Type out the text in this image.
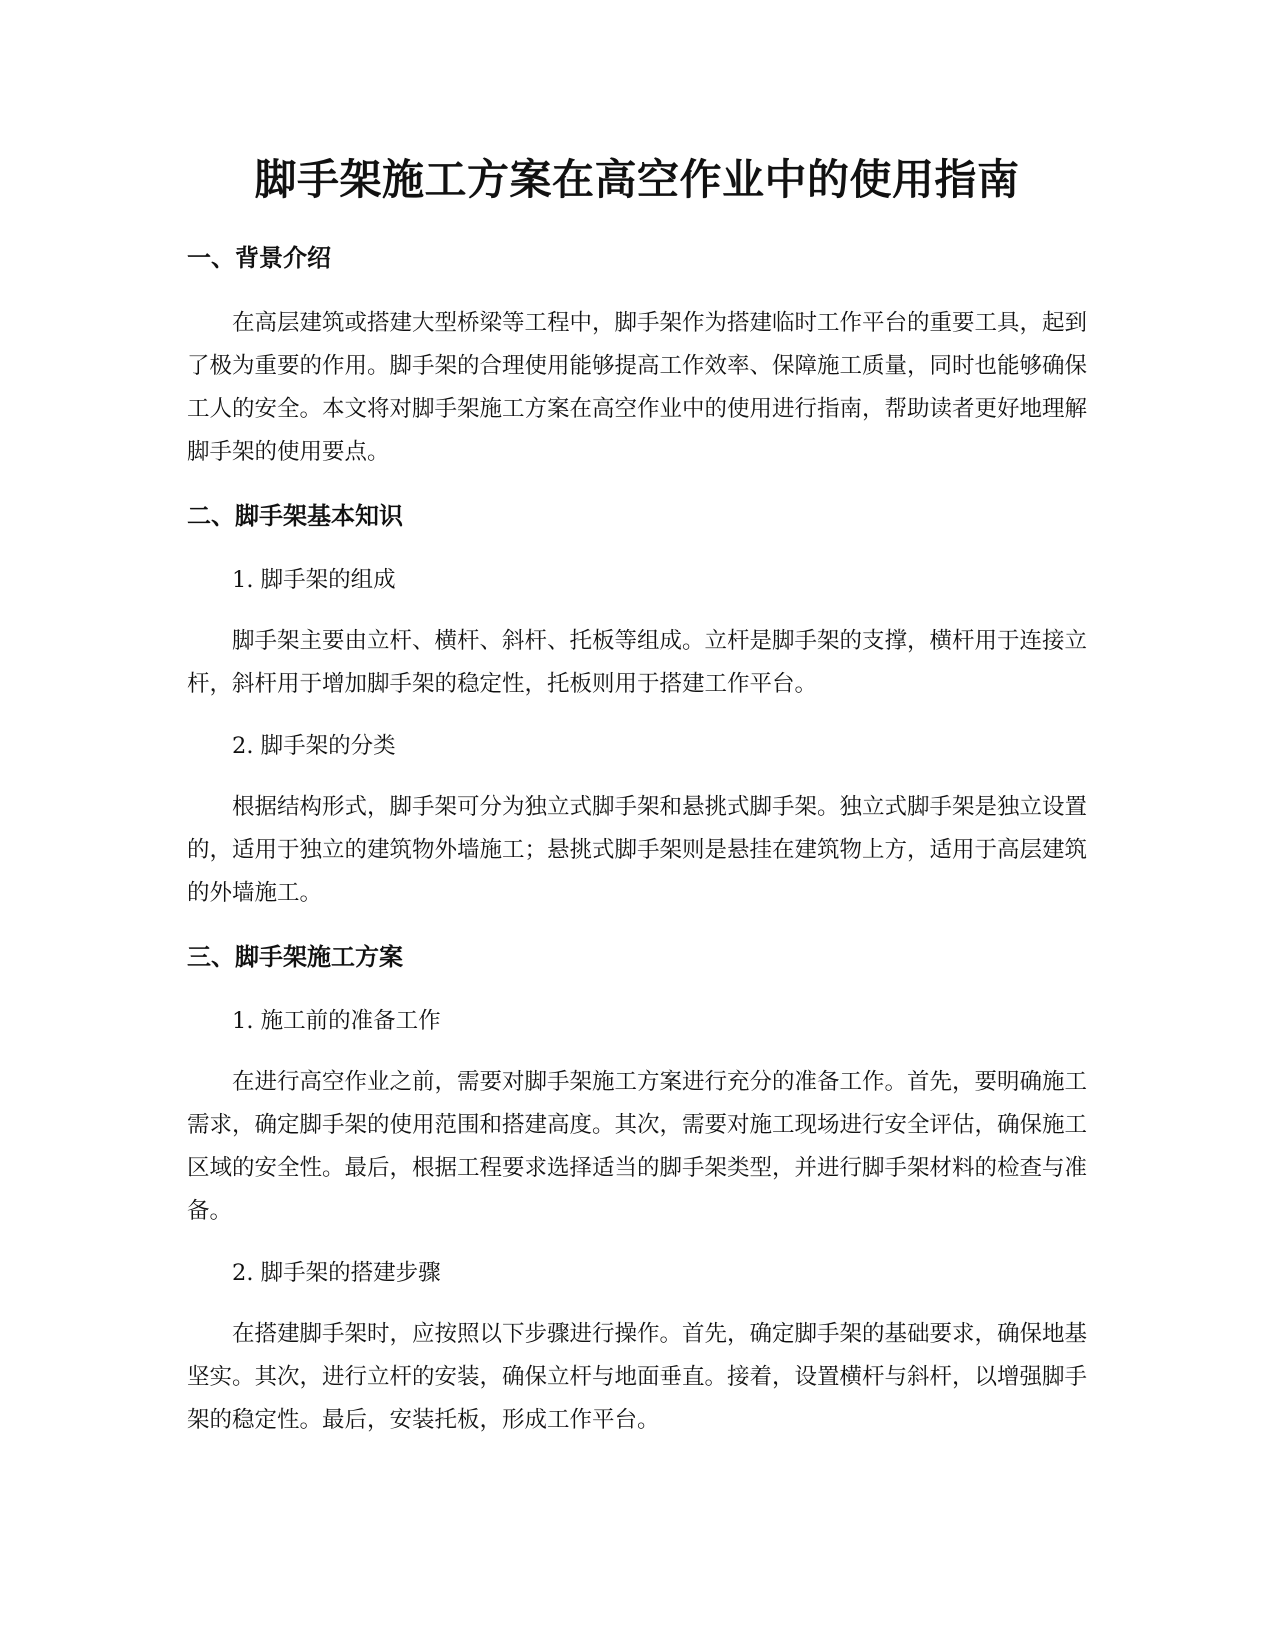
脚手架施工方案在高空作业中的使用指南
一、背景介绍

在高层建筑或搭建大型桥梁等工程中，脚手架作为搭建临时工作平台的重要工具，起到了极为重要的作用。脚手架的合理使用能够提高工作效率、保障施工质量，同时也能够确保工人的安全。本文将对脚手架施工方案在高空作业中的使用进行指南，帮助读者更好地理解脚手架的使用要点。

二、脚手架基本知识
1. 脚手架的组成

脚手架主要由立杆、横杆、斜杆、托板等组成。立杆是脚手架的支撑，横杆用于连接立杆，斜杆用于增加脚手架的稳定性，托板则用于搭建工作平台。

2. 脚手架的分类

根据结构形式，脚手架可分为独立式脚手架和悬挑式脚手架。独立式脚手架是独立设置的，适用于独立的建筑物外墙施工；悬挑式脚手架则是悬挂在建筑物上方，适用于高层建筑的外墙施工。

三、脚手架施工方案
1. 施工前的准备工作

在进行高空作业之前，需要对脚手架施工方案进行充分的准备工作。首先，要明确施工需求，确定脚手架的使用范围和搭建高度。其次，需要对施工现场进行安全评估，确保施工区域的安全性。最后，根据工程要求选择适当的脚手架类型，并进行脚手架材料的检查与准备。

2. 脚手架的搭建步骤

在搭建脚手架时，应按照以下步骤进行操作。首先，确定脚手架的基础要求，确保地基坚实。其次，进行立杆的安装，确保立杆与地面垂直。接着，设置横杆与斜杆，以增强脚手架的稳定性。最后，安装托板，形成工作平台。
